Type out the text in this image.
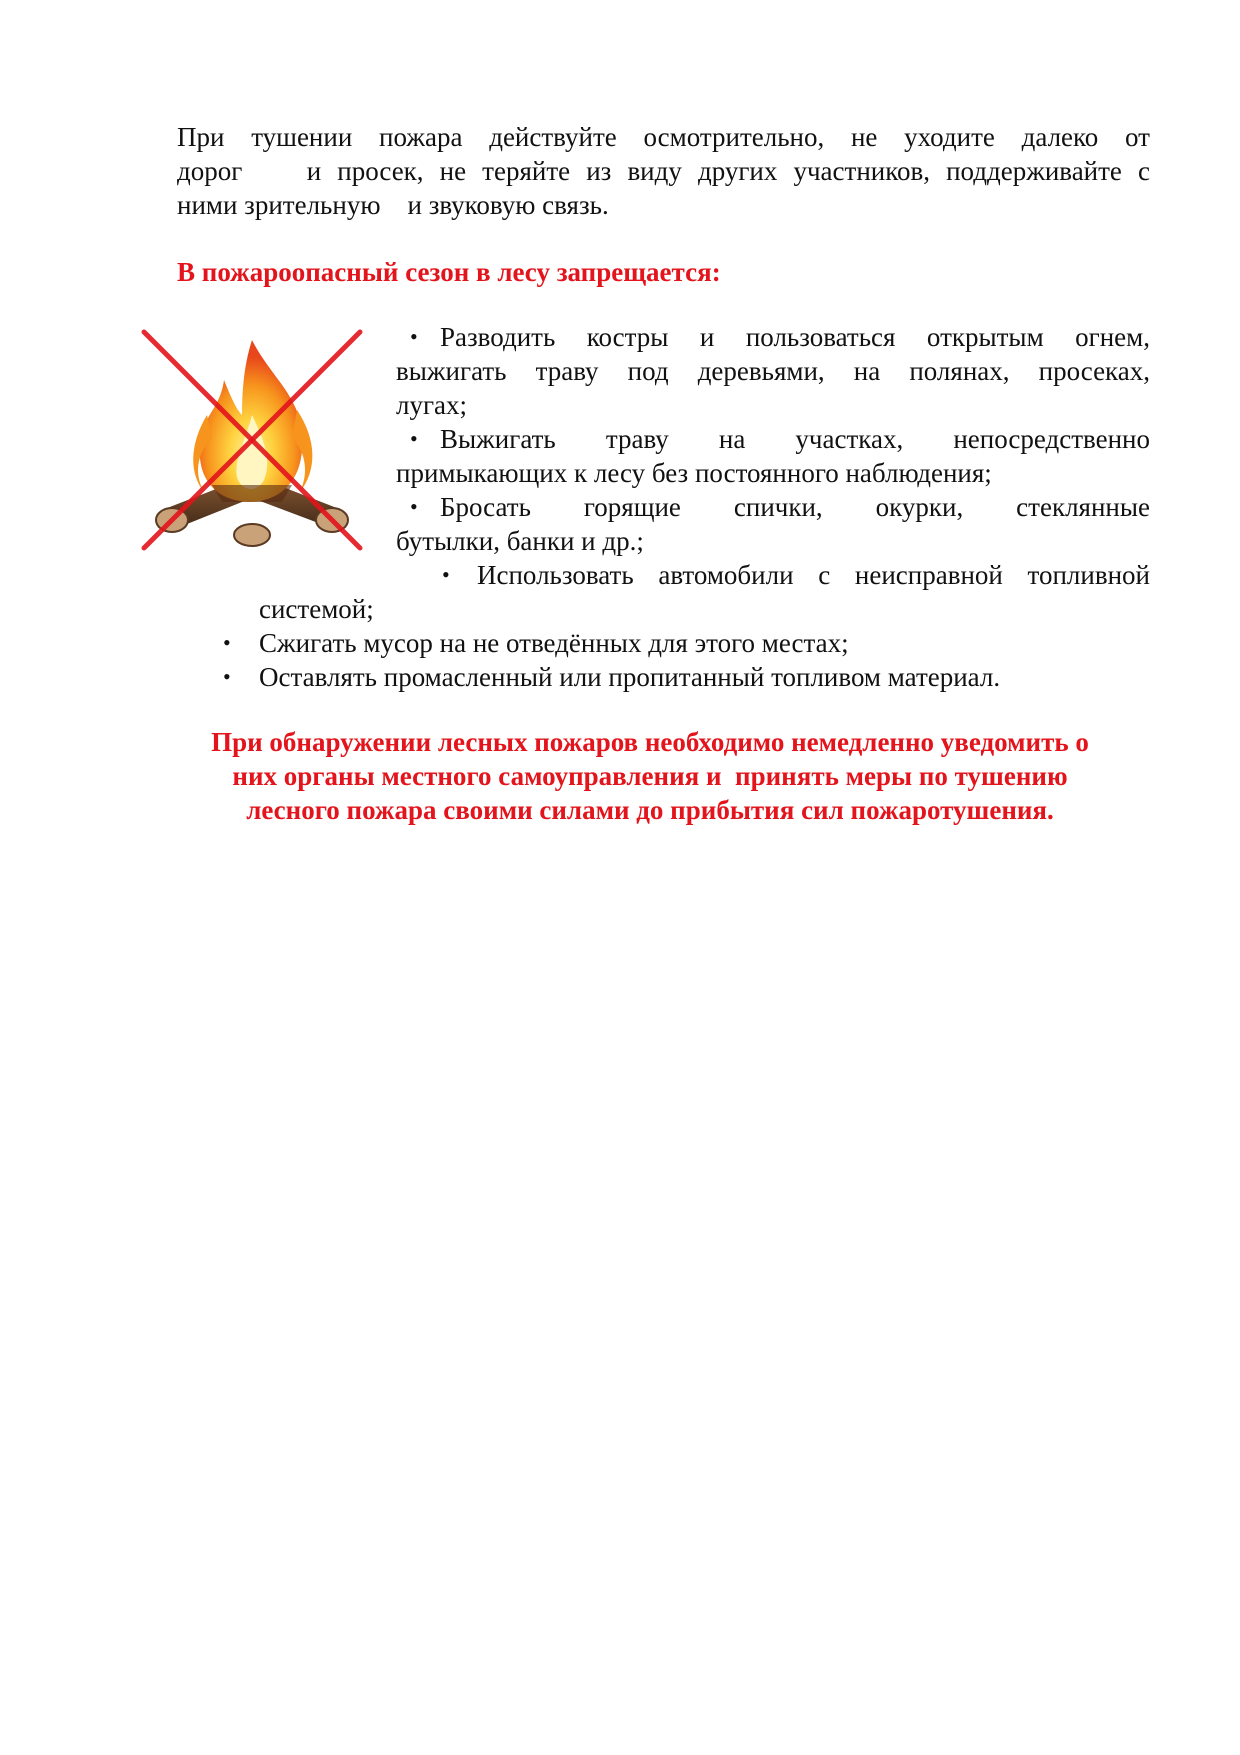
При тушении пожара действуйте осмотрительно, не уходите далеко от
дорог    и просек, не теряйте из виду других участников, поддерживайте с
ними зрительную    и звуковую связь.

В пожароопасный сезон в лесу запрещается:
• Разводить костры и пользоваться открытым огнем,
выжигать траву под деревьями, на полянах, просеках,
лугах;
• Выжигать траву на участках, непосредственно
примыкающих к лесу без постоянного наблюдения;
• Бросать горящие спички, окурки, стеклянные
бутылки, банки и др.;
• Использовать автомобили с неисправной топливной
системой;
• Сжигать мусор на не отведённых для этого местах;
• Оставлять промасленный или пропитанный топливом материал.

При обнаружении лесных пожаров необходимо немедленно уведомить о
них органы местного самоуправления и  принять меры по тушению
лесного пожара своими силами до прибытия сил пожаротушения.
